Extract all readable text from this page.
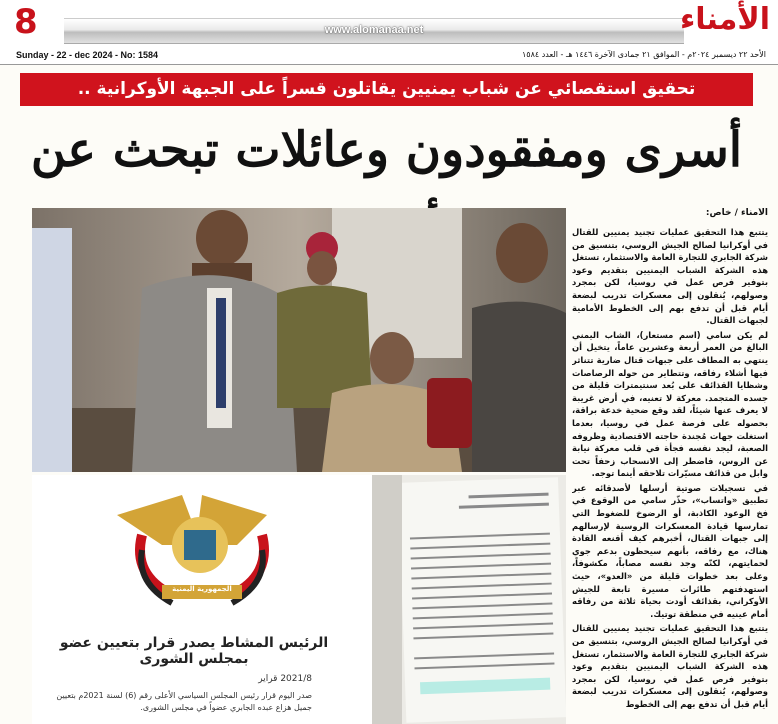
8	www.alomanaa.net	الأمناء
Sunday - 22 - dec 2024 - No: 1584	الأحد ٢٢ ديسمبر ٢٠٢٤م - الموافق ٢١ جمادى الآخرة ١٤٤٦ هـ - العدد ١٥٨٤
تحقيق استقصائي عن شباب يمنيين يقاتلون قسراً على الجبهة الأوكرانية ..
أسرى ومفقودون وعائلات تبحث عن
الجمهورية اليمنية
الرئيس المشاط يصدر قرار بتعيين عضو بمجلس الشورى
2021/8 قراير
صدر اليوم قرار رئيس المجلس السياسي الأعلى رقم (6) لسنة 2021م بتعيين جميل هزاع عبده الجابري عضواً في مجلس الشورى.
الأمناء / خاص:

يتتبع هذا التحقيق عمليات تجنيد يمنيين للقتال في أوكرانيا لصالح الجيش الروسي، بتنسيق من شركة الجابري للتجارة العامة والاستثمار، تستغل هذه الشركة الشباب اليمنيين بتقديم وعود بتوفير فرص عمل في روسيا، لكن بمجرد وصولهم، يُنقلون إلى معسكرات تدريب لبضعة أيام قبل أن تدفع بهم إلى الخطوط الأمامية لجبهات القتال.

لم يكن سامي (اسم مستعار)، الشاب اليمني البالغ من العمر أربعة وعشرين عاماً، يتخيل أن ينتهي به المطاف على جبهات قتال ضارية تتناثر فيها أشلاء رفاقه، وتتطاير من حوله الرصاصات وشظايا القذائف على بُعد سنتيمترات قليلة من جسده المتجمد. معركة لا تعنيه، في أرض غريبة لا يعرف عنها شيئاً، لقد وقع ضحية خدعة براقة، بحصوله على فرصة عمل في روسيا، بعدما استغلت جهات مُجندة حاجته الاقتصادية وظروفه الصعبة، ليجد نفسه فجأة في قلب معركة نيابة عن الروس، فاضطر إلى الانسحاب زحفاً تحت وابل من قذائف مسيّرات تلاحقه أينما توجه.

في تسجيلات صوتية أرسلها لأصدقائه عبر تطبيق «واتساب»، حذّر سامي من الوقوع في فخ الوعود الكاذبة، أو الرضوخ للضغوط التي تمارسها قيادة المعسكرات الروسية لإرسالهم إلى جبهات القتال، أخبرهم كيف أقنعه القادة هناك، مع رفاقه، بأنهم سيحظون بدعم جوي لحمايتهم، لكنّه وجد نفسه مصاباً، مكشوفاً، وعلى بعد خطوات قليلة من «العدو»، حيث استهدفتهم طائرات مسيرة تابعة للجيش الأوكراني، بقذائف أودت بحياة ثلاثة من رفاقه أمام عينيه في منطقة توتيك.

يتتبع هذا التحقيق عمليات تجنيد يمنيين للقتال في أوكرانيا لصالح الجيش الروسي، بتنسيق من شركة الجابري للتجارة العامة والاستثمار، تستغل هذه الشركة الشباب اليمنيين بتقديم وعود بتوفير فرص عمل في روسيا، لكن بمجرد وصولهم، يُنقلون إلى معسكرات تدريب لبضعة أيام قبل أن تدفع بهم إلى الخطوط
